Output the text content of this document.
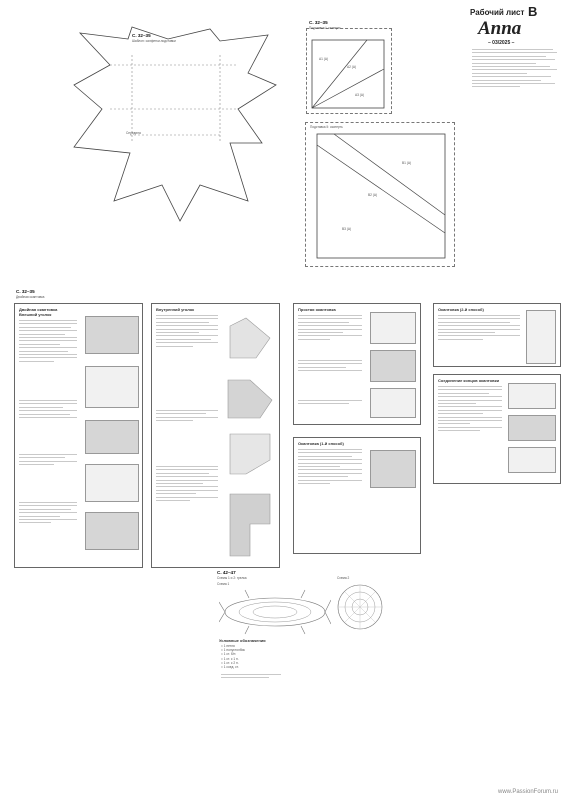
Рабочий лист В
Anna
– 03/2025 –
С. 32–35
Шаблон: салфетки-подставки
Середина
С. 32–35
Подставка I: скатерть
A1 (A)
A2 (A)
A3 (A)
Подставка II: скатерть
B1 (A)
B2 (A)
B3 (A)
С. 32–35
Двойная окантовка
Двойная окантовка
Внешний уголок
Внутренний уголок	Простая окантовка
Окантовка (1-й способ)
Окантовка (2-й способ)
Соединение концов окантовки
С. 42–47
Схемы 1 и 2: грелка
Схема 1
Схема 2
Условные обозначения
= 1 петля
= 1 полустолбик
= 1 ст. б/н
= 1 ст. с 1 н.
= 1 ст. с 2 н.
= 1 соед. ст.
www.PassionForum.ru
